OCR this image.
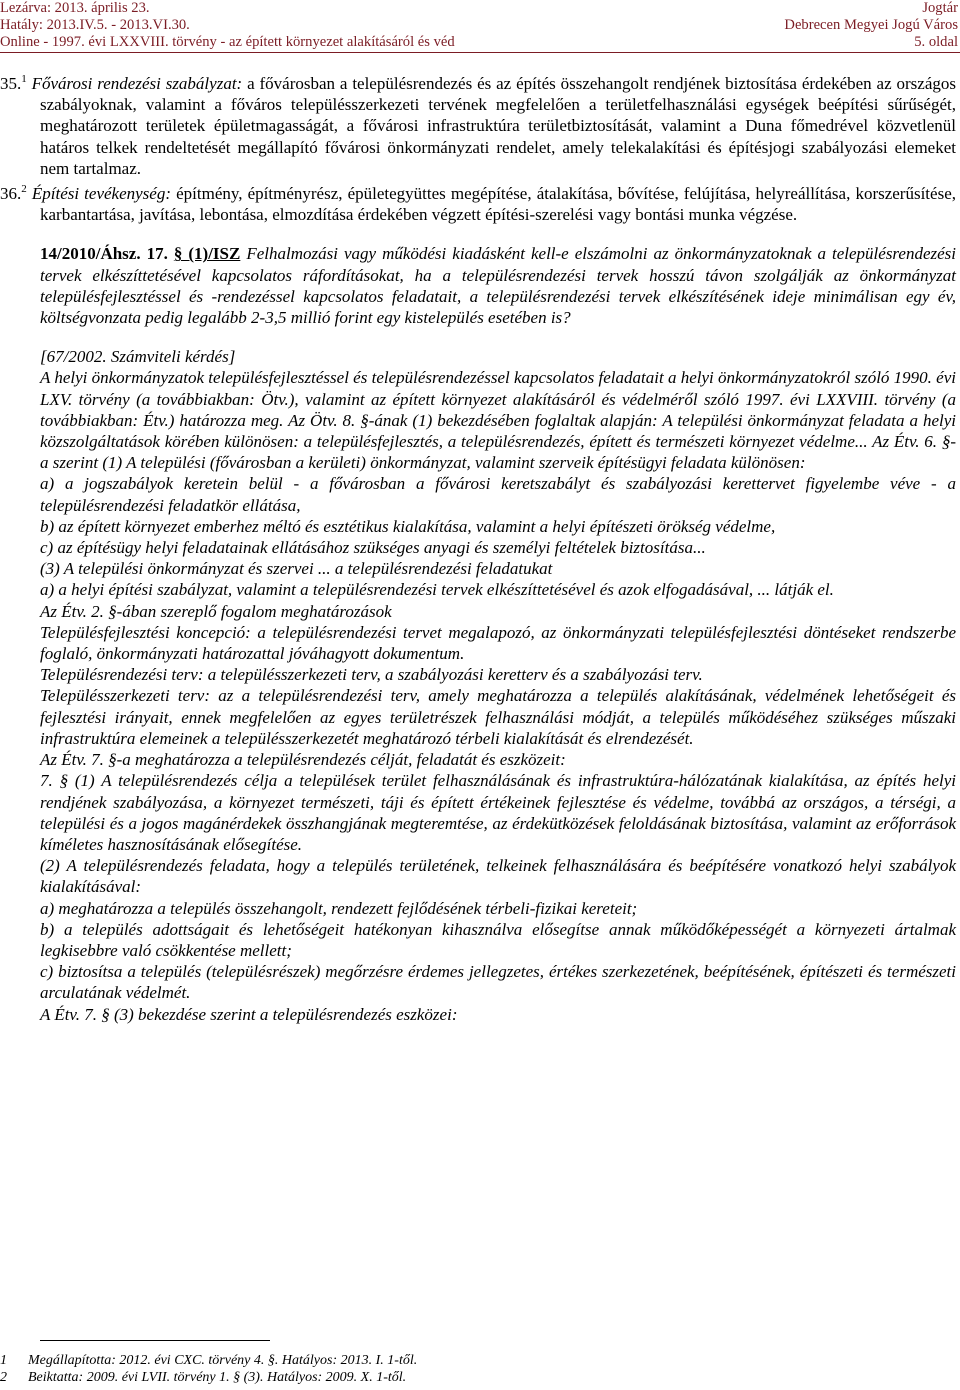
Lezárva: 2013. április 23.
Hatály: 2013.IV.5. - 2013.VI.30.
Online - 1997. évi LXXVIII. törvény - az épített környezet alakításáról és véd
Jogtár
Debrecen Megyei Jogú Város
5. oldal

35.$^1$ Fővárosi rendezési szabályzat: a fővárosban a településrendezés és az építés összehangolt rendjének biztosítása érdekében az országos szabályoknak, valamint a főváros településszerkezeti tervének megfelelően a területfelhasználási egységek beépítési sűrűségét, meghatározott területek épületmagasságát, a fővárosi infrastruktúra területbiztosítását, valamint a Duna főmedrével közvetlenül határos telkek rendeltetését megállapító fővárosi önkormányzati rendelet, amely telekalakítási és építésjogi szabályozási elemeket nem tartalmaz.

36.$^2$ Építési tevékenység: építmény, építményrész, épületegyüttes megépítése, átalakítása, bővítése, felújítása, helyreállítása, korszerűsítése, karbantartása, javítása, lebontása, elmozdítása érdekében végzett építési-szerelési vagy bontási munka végzése.

14/2010/Áhsz. 17. § (1)/ISZ Felhalmozási vagy működési kiadásként kell-e elszámolni az önkormányzatoknak a településrendezési tervek elkészíttetésével kapcsolatos ráfordításokat, ha a településrendezési tervek hosszú távon szolgálják az önkormányzat településfejlesztéssel és -rendezéssel kapcsolatos feladatait, a településrendezési tervek elkészítésének ideje minimálisan egy év, költségvonzata pedig legalább 2-3,5 millió forint egy kistelepülés esetében is?

[67/2002. Számviteli kérdés]

A helyi önkormányzatok településfejlesztéssel és településrendezéssel kapcsolatos feladatait a helyi önkormányzatokról szóló 1990. évi LXV. törvény (a továbbiakban: Ötv.), valamint az épített környezet alakításáról és védelméről szóló 1997. évi LXXVIII. törvény (a továbbiakban: Étv.) határozza meg. Az Ötv. 8. §-ának (1) bekezdésében foglaltak alapján: A települési önkormányzat feladata a helyi közszolgáltatások körében különösen: a településfejlesztés, a településrendezés, épített és természeti környezet védelme... Az Étv. 6. §-a szerint (1) A települési (fővárosban a kerületi) önkormányzat, valamint szerveik építésügyi feladata különösen:

a) a jogszabályok keretein belül - a fővárosban a fővárosi keretszabályt és szabályozási kerettervet figyelembe véve - a településrendezési feladatkör ellátása,

b) az épített környezet emberhez méltó és esztétikus kialakítása, valamint a helyi építészeti örökség védelme,

c) az építésügy helyi feladatainak ellátásához szükséges anyagi és személyi feltételek biztosítása...

(3) A települési önkormányzat és szervei ... a településrendezési feladatukat

a) a helyi építési szabályzat, valamint a településrendezési tervek elkészíttetésével és azok elfogadásával, ... látják el.

Az Étv. 2. §-ában szereplő fogalom meghatározások

Településfejlesztési koncepció: a településrendezési tervet megalapozó, az önkormányzati településfejlesztési döntéseket rendszerbe foglaló, önkormányzati határozattal jóváhagyott dokumentum.

Településrendezési terv: a településszerkezeti terv, a szabályozási keretterv és a szabályozási terv.

Településszerkezeti terv: az a településrendezési terv, amely meghatározza a település alakításának, védelmének lehetőségeit és fejlesztési irányait, ennek megfelelően az egyes területrészek felhasználási módját, a település működéséhez szükséges műszaki infrastruktúra elemeinek a településszerkezetét meghatározó térbeli kialakítását és elrendezését.

Az Étv. 7. §-a meghatározza a településrendezés célját, feladatát és eszközeit:

7. § (1) A településrendezés célja a települések terület felhasználásának és infrastruktúra-hálózatának kialakítása, az építés helyi rendjének szabályozása, a környezet természeti, táji és épített értékeinek fejlesztése és védelme, továbbá az országos, a térségi, a települési és a jogos magánérdekek összhangjának megteremtése, az érdekütközések feloldásának biztosítása, valamint az erőforrások kíméletes hasznosításának elősegítése.

(2) A településrendezés feladata, hogy a település területének, telkeinek felhasználására és beépítésére vonatkozó helyi szabályok kialakításával:

a) meghatározza a település összehangolt, rendezett fejlődésének térbeli-fizikai kereteit;

b) a település adottságait és lehetőségeit hatékonyan kihasználva elősegítse annak működőképességét a környezeti ártalmak legkisebbre való csökkentése mellett;

c) biztosítsa a település (településrészek) megőrzésre érdemes jellegzetes, értékes szerkezetének, beépítésének, építészeti és természeti arculatának védelmét.

A Étv. 7. § (3) bekezdése szerint a településrendezés eszközei:

1 Megállapította: 2012. évi CXC. törvény 4. §. Hatályos: 2013. I. 1-től.
2 Beiktatta: 2009. évi LVII. törvény 1. § (3). Hatályos: 2009. X. 1-től.
